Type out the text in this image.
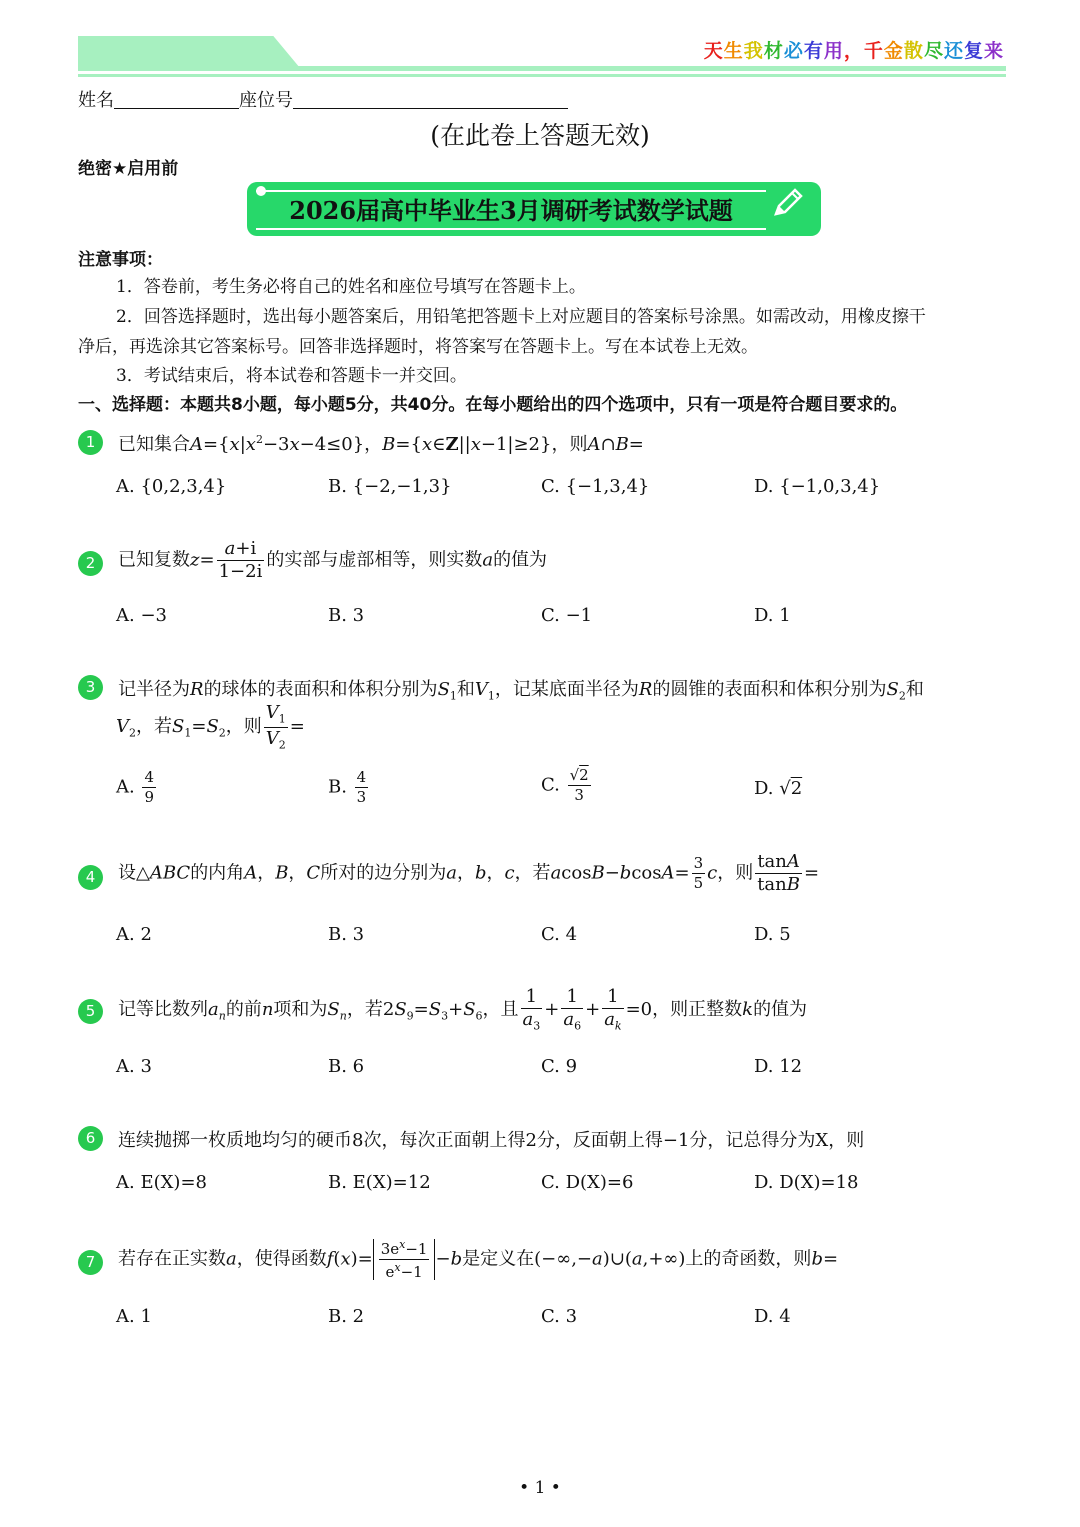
天生我材必有用，千金散尽还复来
姓名	座位号
(在此卷上答题无效)
绝密★启用前
2026届高中毕业生3月调研考试数学试题
注意事项：
1．答卷前，考生务必将自己的姓名和座位号填写在答题卡上。
2．回答选择题时，选出每小题答案后，用铅笔把答题卡上对应题目的答案标号涂黑。如需改动，用橡皮擦干
净后，再选涂其它答案标号。回答非选择题时，将答案写在答题卡上。写在本试卷上无效。
3．考试结束后，将本试卷和答题卡一并交回。
一、选择题：本题共8小题，每小题5分，共40分。在每小题给出的四个选项中，只有一项是符合题目要求的。
1	已知集合$A=\{x|x^2-3x-4\le 0\}$，B={x∈Z||x−1|≥2}，则A∩B=
A. {0,2,3,4}	B. {−2,−1,3}	C. {−1,3,4}	D. {−1,0,3,4}
2	已知复数$z= \frac{a+i}{1-2i}$ 的实部与虚部相等，则实数a的值为
A. −3	B. 3	C. −1	D. 1
3	记半径为R的球体的表面积和体积分别为$S_1$和$V_1$，记某底面半径为R的圆锥的表面积和体积分别为$S_2$和
$V_2$，若$S_1=S_2$，则 $\frac{V_1}{V_2}$ =
A. $\frac{4}{9}$	B. $\frac{4}{3}$	C. $\frac{√2}{3}$	D. √2
4	设△ABC的内角A，B，C所对的边分别为a，b，c，若$acosB-bcosA= \frac{3}{5}$ c，则 $\frac{\tan A}{\tan B}$ =
A. 2	B. 3	C. 4	D. 5
5	记等比数列$a_n$的前n项和为$S_n$，若$2S_9=S_3+S_6$，且 $\frac{1}{a_3} + \frac{1}{a_6} + \frac{1}{a_k} =0$，则正整数k的值为
A. 3	B. 6	C. 9	D. 12
6	连续抛掷一枚质地均匀的硬币8次，每次正面朝上得2分，反面朝上得−1分，记总得分为X，则
A. E(X)=8	B. E(X)=12	C. D(X)=6	D. D(X)=18
7	若存在正实数a，使得函数$f(x)= \frac{3e^x-1}{e^x-1} -b$是定义在(−∞,−a)∪(a,+∞)上的奇函数，则b=
A. 1	B. 2	C. 3	D. 4
• 1 •
